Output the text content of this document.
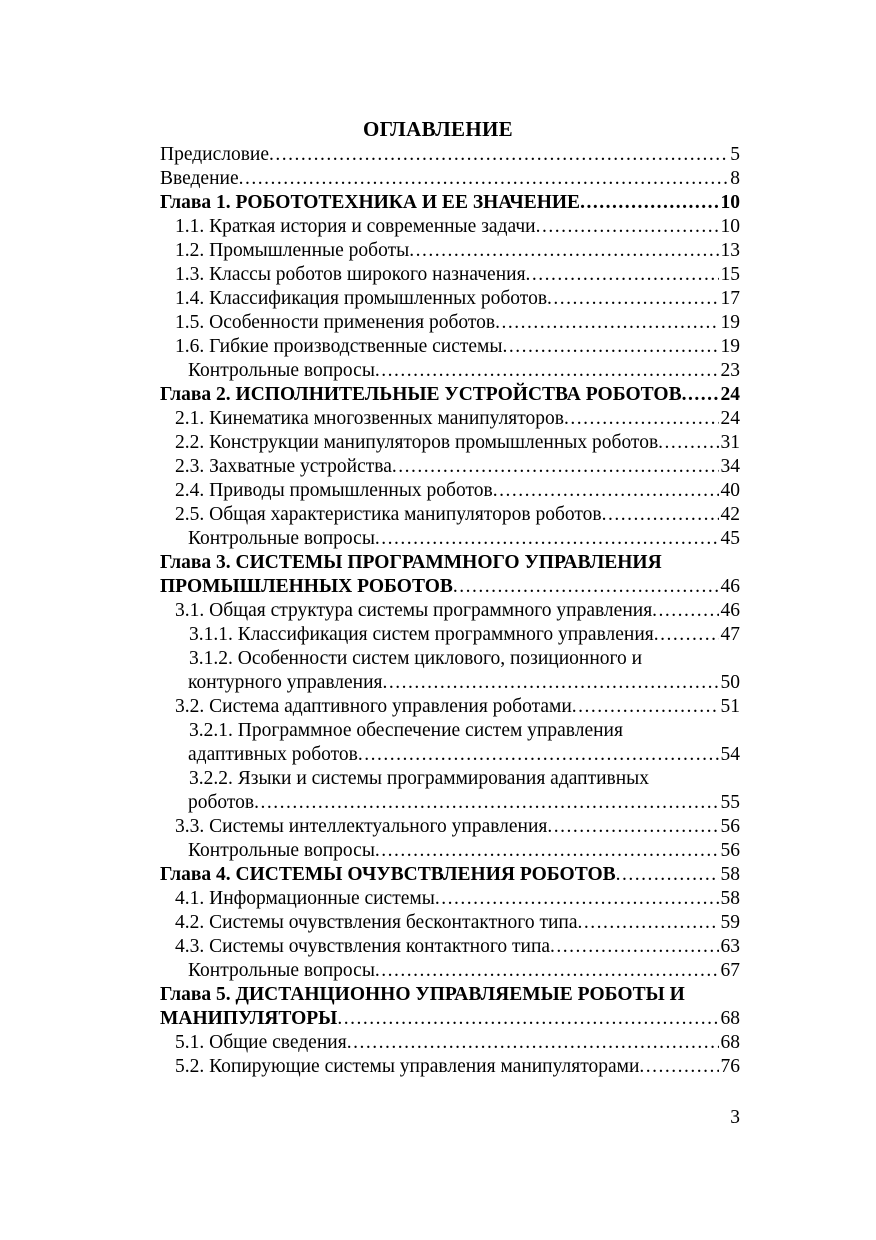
ОГЛАВЛЕНИЕ
Предисловие .....	5
Введение .....	8
Глава 1. РОБОТОТЕХНИКА И ЕЕ ЗНАЧЕНИЕ .....	10
1.1. Краткая история и современные задачи .....	10
1.2. Промышленные роботы .....	13
1.3. Классы роботов широкого назначения .....	15
1.4. Классификация промышленных роботов .....	17
1.5. Особенности применения роботов .....	19
1.6. Гибкие производственные системы .....	19
Контрольные вопросы .....	23
Глава 2. ИСПОЛНИТЕЛЬНЫЕ УСТРОЙСТВА РОБОТОВ ..... 24
2.1. Кинематика многозвенных манипуляторов .....	24
2.2. Конструкции манипуляторов промышленных роботов .....	31
2.3. Захватные устройства .....	34
2.4. Приводы промышленных роботов .....	40
2.5. Общая характеристика манипуляторов роботов .....	42
Контрольные вопросы .....	45
Глава 3. СИСТЕМЫ ПРОГРАММНОГО УПРАВЛЕНИЯ
ПРОМЫШЛЕННЫХ РОБОТОВ .....	46
3.1. Общая структура системы программного управления .....	46
3.1.1. Классификация систем программного управления .....	47
3.1.2. Особенности систем циклового, позиционного и
контурного управления .....	50
3.2. Система адаптивного управления роботами .....	51
3.2.1. Программное обеспечение систем управления
адаптивных роботов .....	54
3.2.2. Языки и системы программирования адаптивных
роботов .....	55
3.3. Системы интеллектуального управления .....	56
Контрольные вопросы .....	56
Глава 4. СИСТЕМЫ ОЧУВСТВЛЕНИЯ РОБОТОВ .....	58
4.1. Информационные системы .....	58
4.2. Системы очувствления бесконтактного типа .....	59
4.3. Системы очувствления контактного типа .....	63
Контрольные вопросы .....	67
Глава 5. ДИСТАНЦИОННО УПРАВЛЯЕМЫЕ РОБОТЫ И
МАНИПУЛЯТОРЫ .....	68
5.1. Общие сведения .....	68
5.2. Копирующие системы управления манипуляторами .....	76
3
